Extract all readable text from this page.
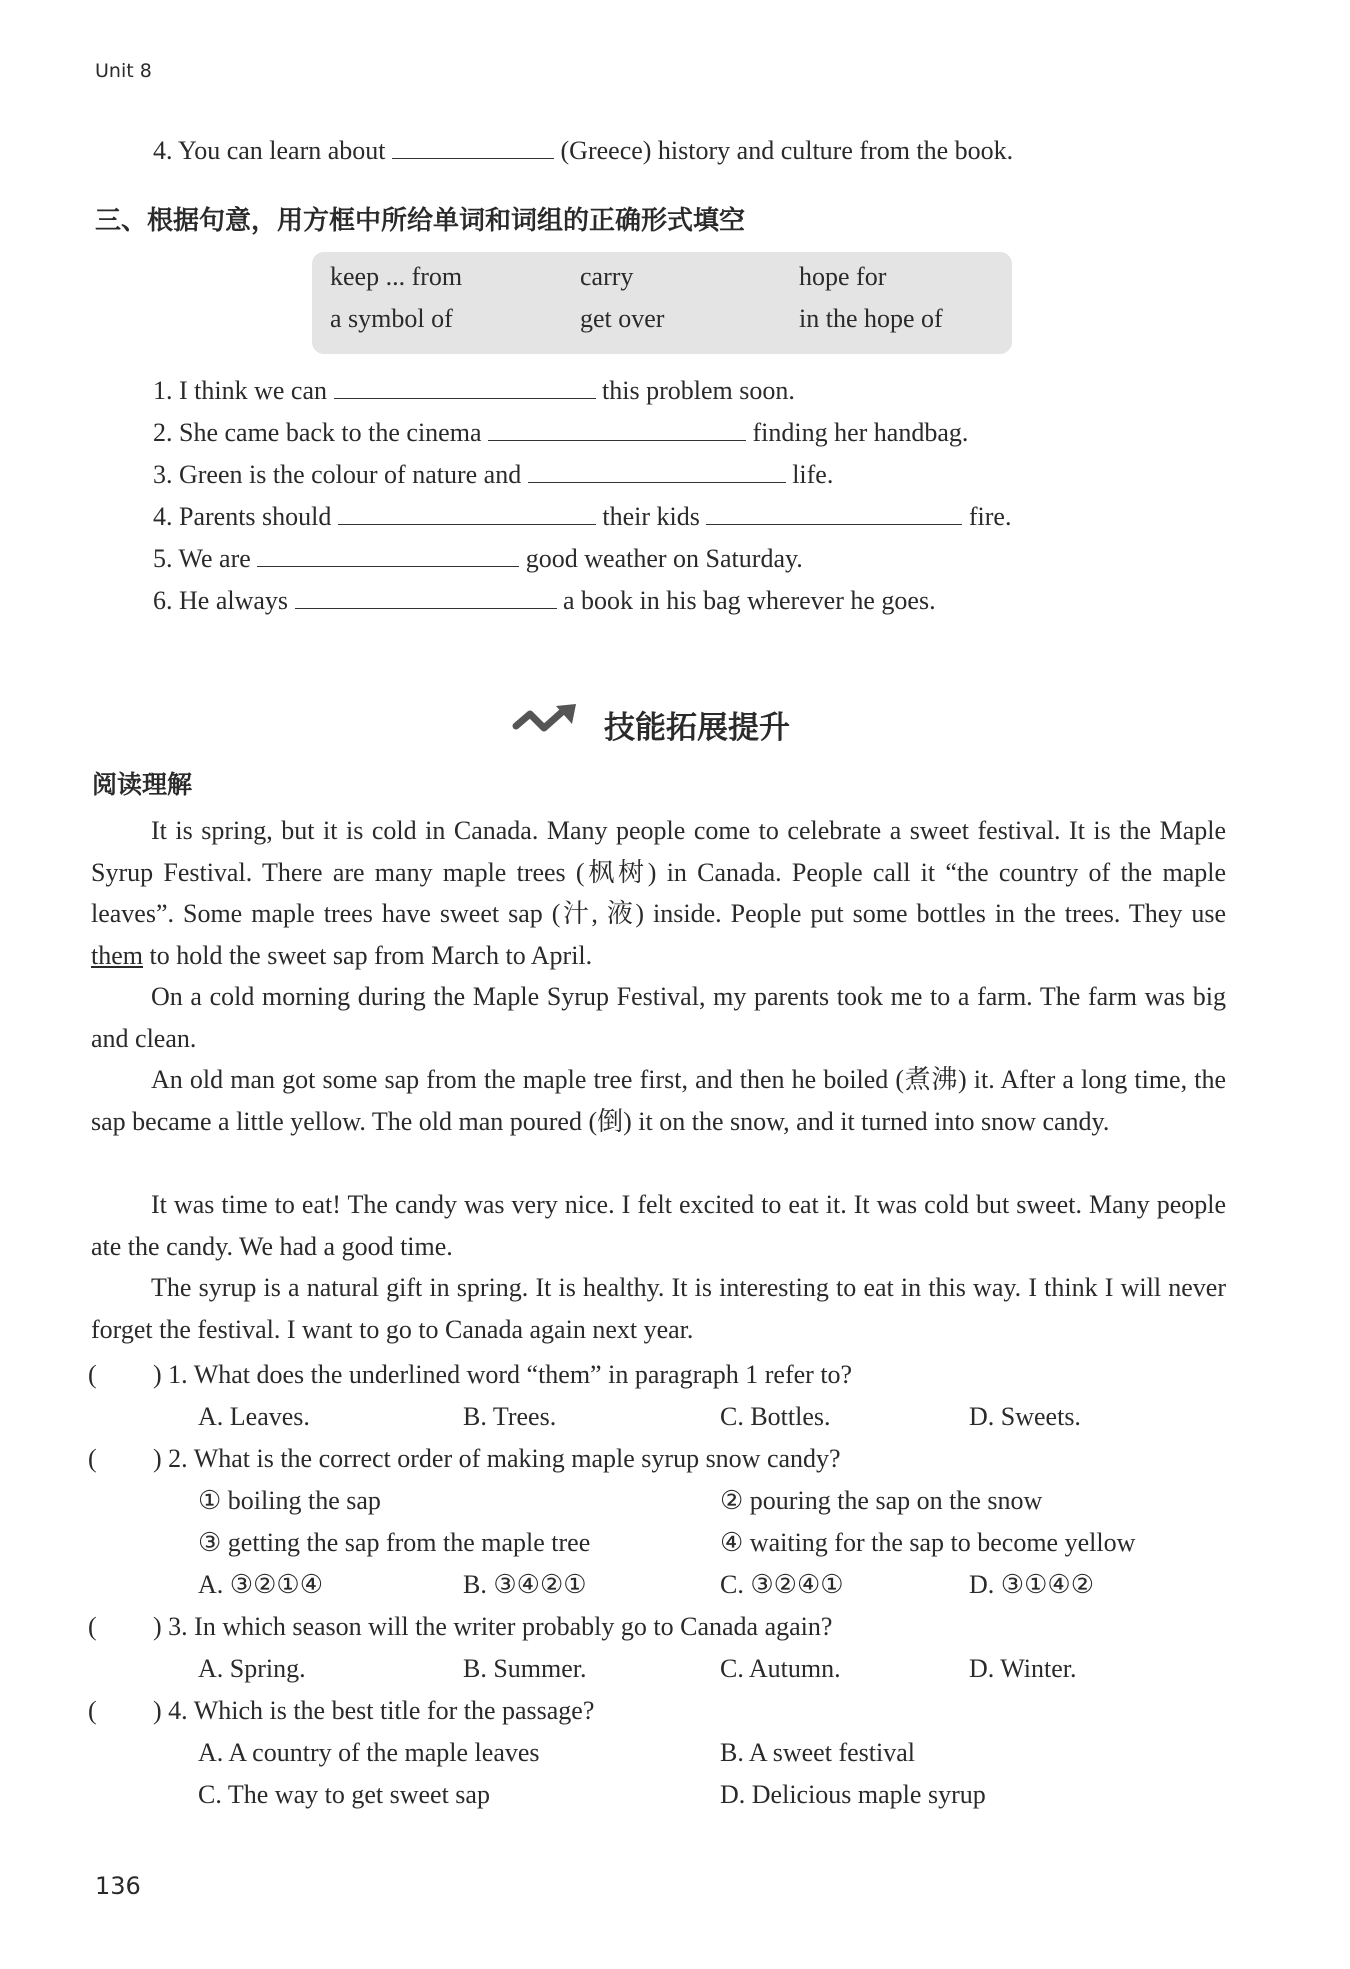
Unit 8
4. You can learn about	(Greece) history and culture from the book.
三、根据句意，用方框中所给单词和词组的正确形式填空
keep ... from	carry	hope for
a symbol of	get over	in the hope of
1. I think we can	this problem soon.
2. She came back to the cinema	finding her handbag.
3. Green is the colour of nature and	life.
4. Parents should	their kids	fire.
5. We are	good weather on Saturday.
6. He always	a book in his bag wherever he goes.
技能拓展提升
阅读理解
It is spring, but it is cold in Canada. Many people come to celebrate a sweet festival. It is the Maple Syrup Festival. There are many maple trees (枫树) in Canada. People call it “the country of the maple leaves”. Some maple trees have sweet sap (汁, 液) inside. People put some bottles in the trees. They use them to hold the sweet sap from March to April.
On a cold morning during the Maple Syrup Festival, my parents took me to a farm. The farm was big and clean.
An old man got some sap from the maple tree first, and then he boiled (煮沸) it. After a long time, the sap became a little yellow. The old man poured (倒) it on the snow, and it turned into snow candy.
It was time to eat! The candy was very nice. I felt excited to eat it. It was cold but sweet. Many people ate the candy. We had a good time.
The syrup is a natural gift in spring. It is healthy. It is interesting to eat in this way. I think I will never forget the festival. I want to go to Canada again next year.
( ) 1. What does the underlined word “them” in paragraph 1 refer to?
A. Leaves.	B. Trees.	C. Bottles.	D. Sweets.
( ) 2. What is the correct order of making maple syrup snow candy?
① boiling the sap	② pouring the sap on the snow
③ getting the sap from the maple tree	④ waiting for the sap to become yellow
A. ③②①④	B. ③④②①	C. ③②④①	D. ③①④②
( ) 3. In which season will the writer probably go to Canada again?
A. Spring.	B. Summer.	C. Autumn.	D. Winter.
( ) 4. Which is the best title for the passage?
A. A country of the maple leaves	B. A sweet festival
C. The way to get sweet sap	D. Delicious maple syrup
136
